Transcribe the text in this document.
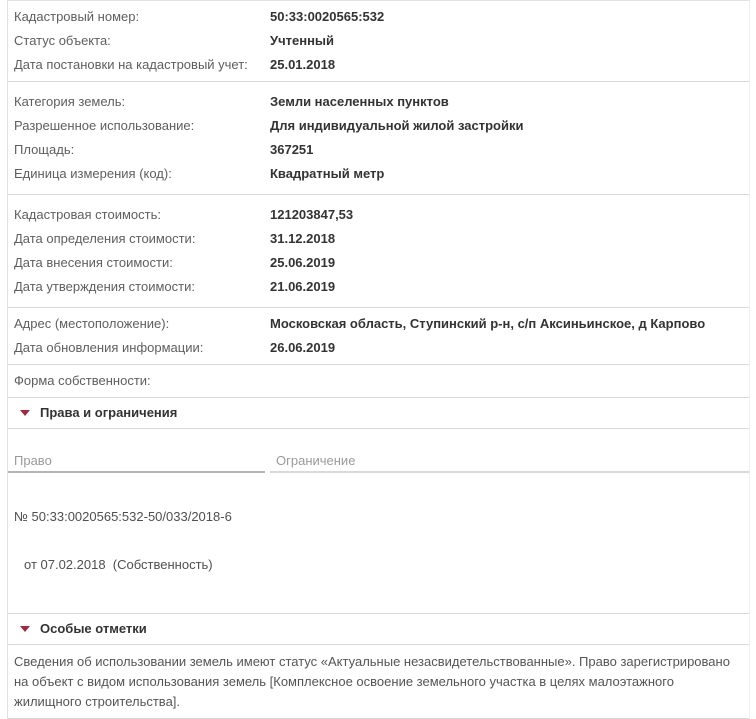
Кадастровый номер:	50:33:0020565:532
Статус объекта:	Учтенный
Дата постановки на кадастровый учет:	25.01.2018
Категория земель:	Земли населенных пунктов
Разрешенное использование:	Для индивидуальной жилой застройки
Площадь:	367251
Единица измерения (код):	Квадратный метр
Кадастровая стоимость:	121203847,53
Дата определения стоимости:	31.12.2018
Дата внесения стоимости:	25.06.2019
Дата утверждения стоимости:	21.06.2019
Адрес (местоположение):	Московская область, Ступинский р-н, с/п Аксиньинское, д Карпово
Дата обновления информации:	26.06.2019
Форма собственности:
Права и ограничения
Право	Ограничение

№ 50:33:0020565:532-50/033/2018-6

от 07.02.2018  (Собственность)

Особые отметки

Сведения об использовании земель имеют статус «Актуальные незасвидетельствованные». Право зарегистрировано на объект с видом использования земель [Комплексное освоение земельного участка в целях малоэтажного жилищного строительства].
